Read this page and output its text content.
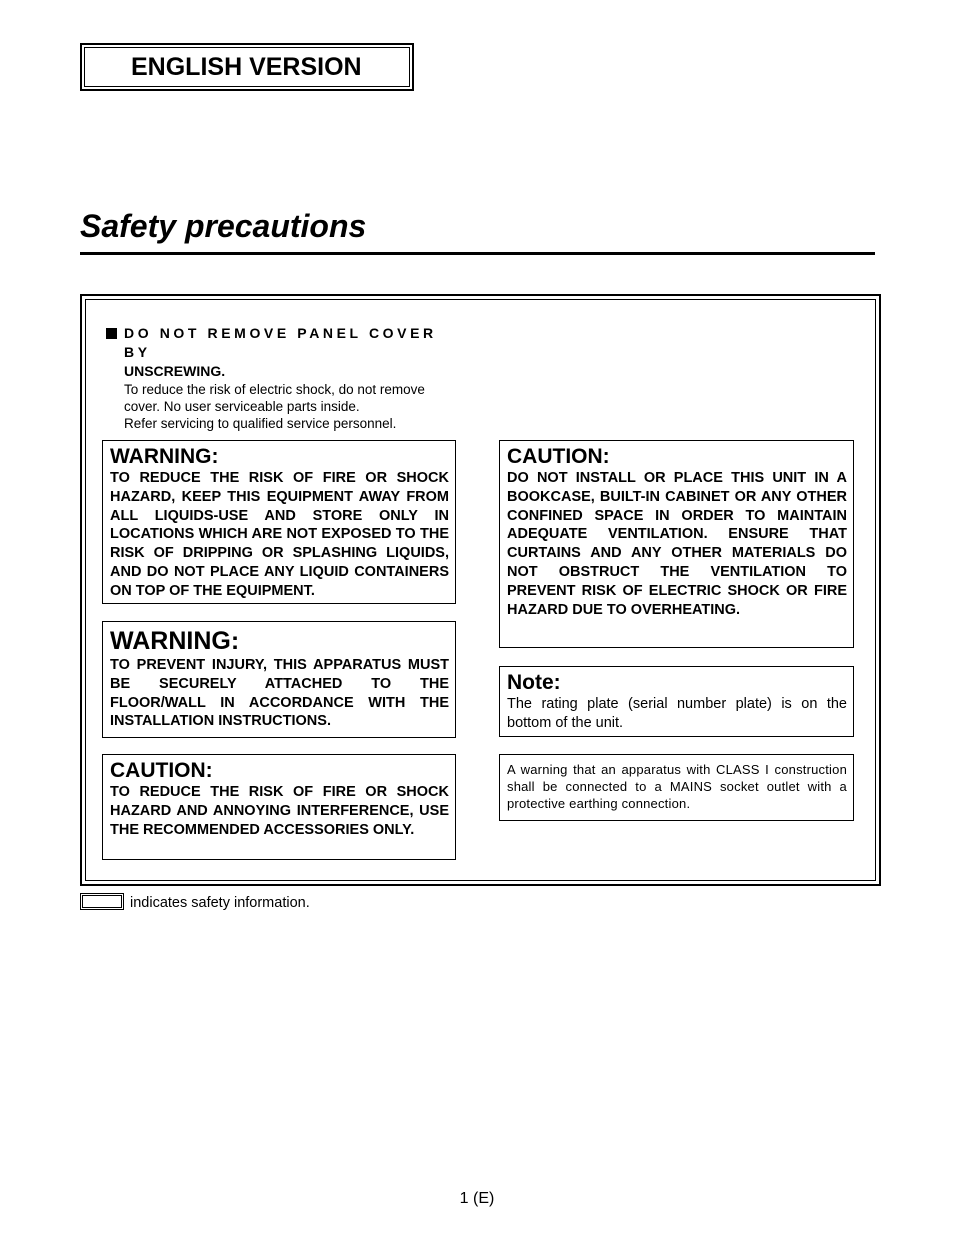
ENGLISH VERSION
Safety precautions
DO NOT REMOVE PANEL COVER BY
UNSCREWING.
To reduce the risk of electric shock, do not remove
cover. No user serviceable parts inside.
Refer servicing to qualified service personnel.
WARNING:
TO REDUCE THE RISK OF FIRE OR SHOCK HAZARD, KEEP THIS EQUIPMENT AWAY FROM ALL LIQUIDS-USE AND STORE ONLY IN LOCATIONS WHICH ARE NOT EXPOSED TO THE RISK OF DRIPPING OR SPLASHING LIQUIDS, AND DO NOT PLACE ANY LIQUID CONTAINERS ON TOP OF THE EQUIPMENT.
WARNING:
TO PREVENT INJURY, THIS APPARATUS MUST BE SECURELY ATTACHED TO THE FLOOR/WALL IN ACCORDANCE WITH THE INSTALLATION INSTRUCTIONS.
CAUTION:
TO REDUCE THE RISK OF FIRE OR SHOCK HAZARD AND ANNOYING INTERFERENCE, USE THE RECOMMENDED ACCESSORIES ONLY.
CAUTION:
DO NOT INSTALL OR PLACE THIS UNIT IN A BOOKCASE, BUILT-IN CABINET OR ANY OTHER CONFINED SPACE IN ORDER TO MAINTAIN ADEQUATE VENTILATION. ENSURE THAT CURTAINS AND ANY OTHER MATERIALS DO NOT OBSTRUCT THE VENTILATION TO PREVENT RISK OF ELECTRIC SHOCK OR FIRE HAZARD DUE TO OVERHEATING.
Note:
The rating plate (serial number plate) is on the bottom of the unit.
A warning that an apparatus with CLASS I construction shall be connected to a MAINS socket outlet with a protective earthing connection.
indicates safety information.
1 (E)
